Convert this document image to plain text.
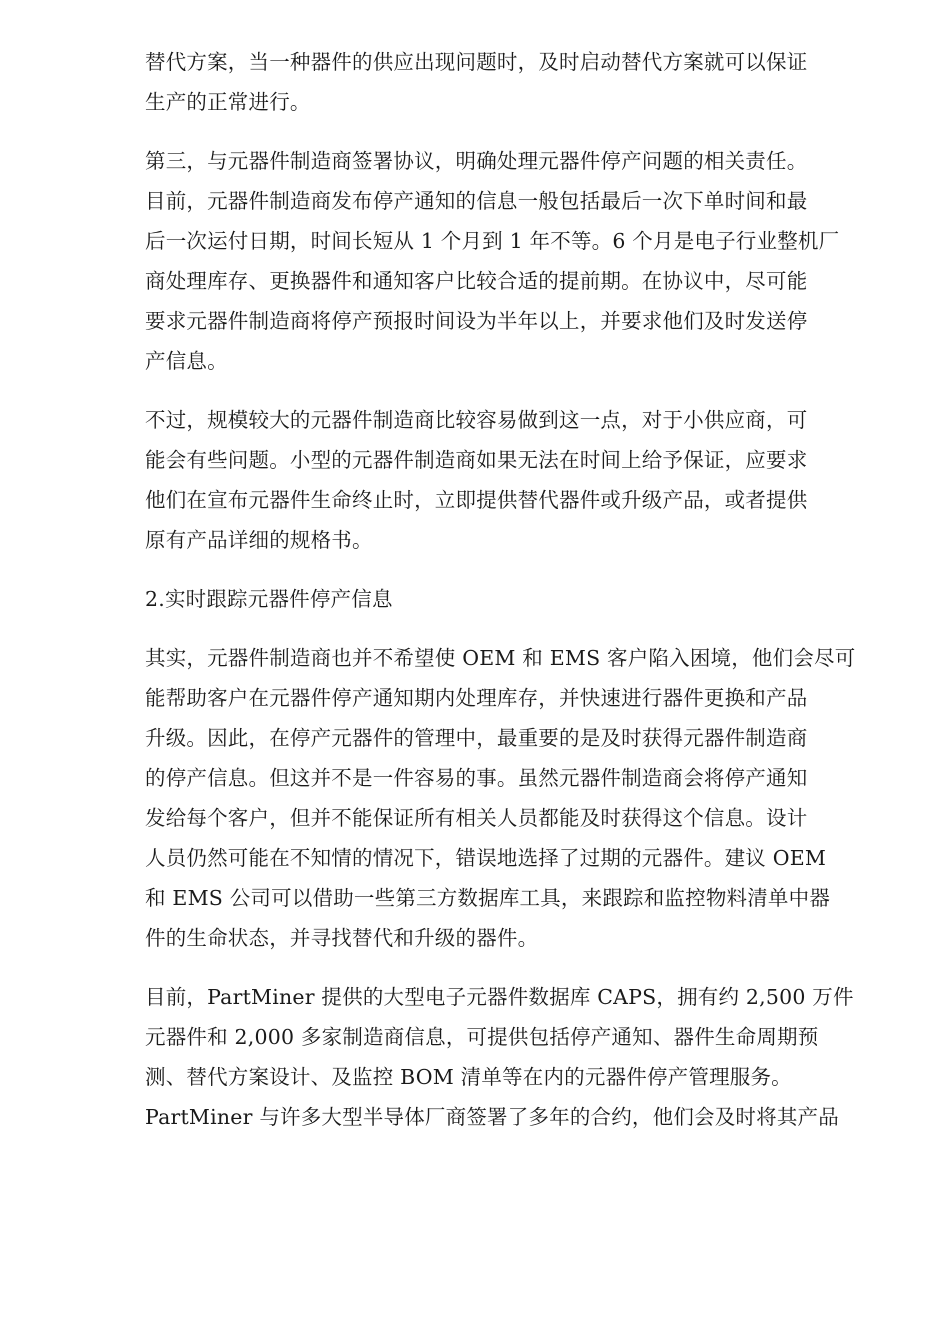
替代方案，当一种器件的供应出现问题时，及时启动替代方案就可以保证
生产的正常进行。
第三，与元器件制造商签署协议，明确处理元器件停产问题的相关责任。
目前，元器件制造商发布停产通知的信息一般包括最后一次下单时间和最
后一次运付日期，时间长短从 1 个月到 1 年不等。6 个月是电子行业整机厂
商处理库存、更换器件和通知客户比较合适的提前期。在协议中，尽可能
要求元器件制造商将停产预报时间设为半年以上，并要求他们及时发送停
产信息。
不过，规模较大的元器件制造商比较容易做到这一点，对于小供应商，可
能会有些问题。小型的元器件制造商如果无法在时间上给予保证，应要求
他们在宣布元器件生命终止时，立即提供替代器件或升级产品，或者提供
原有产品详细的规格书。
2.实时跟踪元器件停产信息
其实，元器件制造商也并不希望使 OEM 和 EMS 客户陷入困境，他们会尽可
能帮助客户在元器件停产通知期内处理库存，并快速进行器件更换和产品
升级。因此，在停产元器件的管理中，最重要的是及时获得元器件制造商
的停产信息。但这并不是一件容易的事。虽然元器件制造商会将停产通知
发给每个客户，但并不能保证所有相关人员都能及时获得这个信息。设计
人员仍然可能在不知情的情况下，错误地选择了过期的元器件。建议 OEM
和 EMS 公司可以借助一些第三方数据库工具，来跟踪和监控物料清单中器
件的生命状态，并寻找替代和升级的器件。
目前，PartMiner 提供的大型电子元器件数据库 CAPS，拥有约 2,500 万件
元器件和 2,000 多家制造商信息，可提供包括停产通知、器件生命周期预
测、替代方案设计、及监控 BOM 清单等在内的元器件停产管理服务。
PartMiner 与许多大型半导体厂商签署了多年的合约，他们会及时将其产品
